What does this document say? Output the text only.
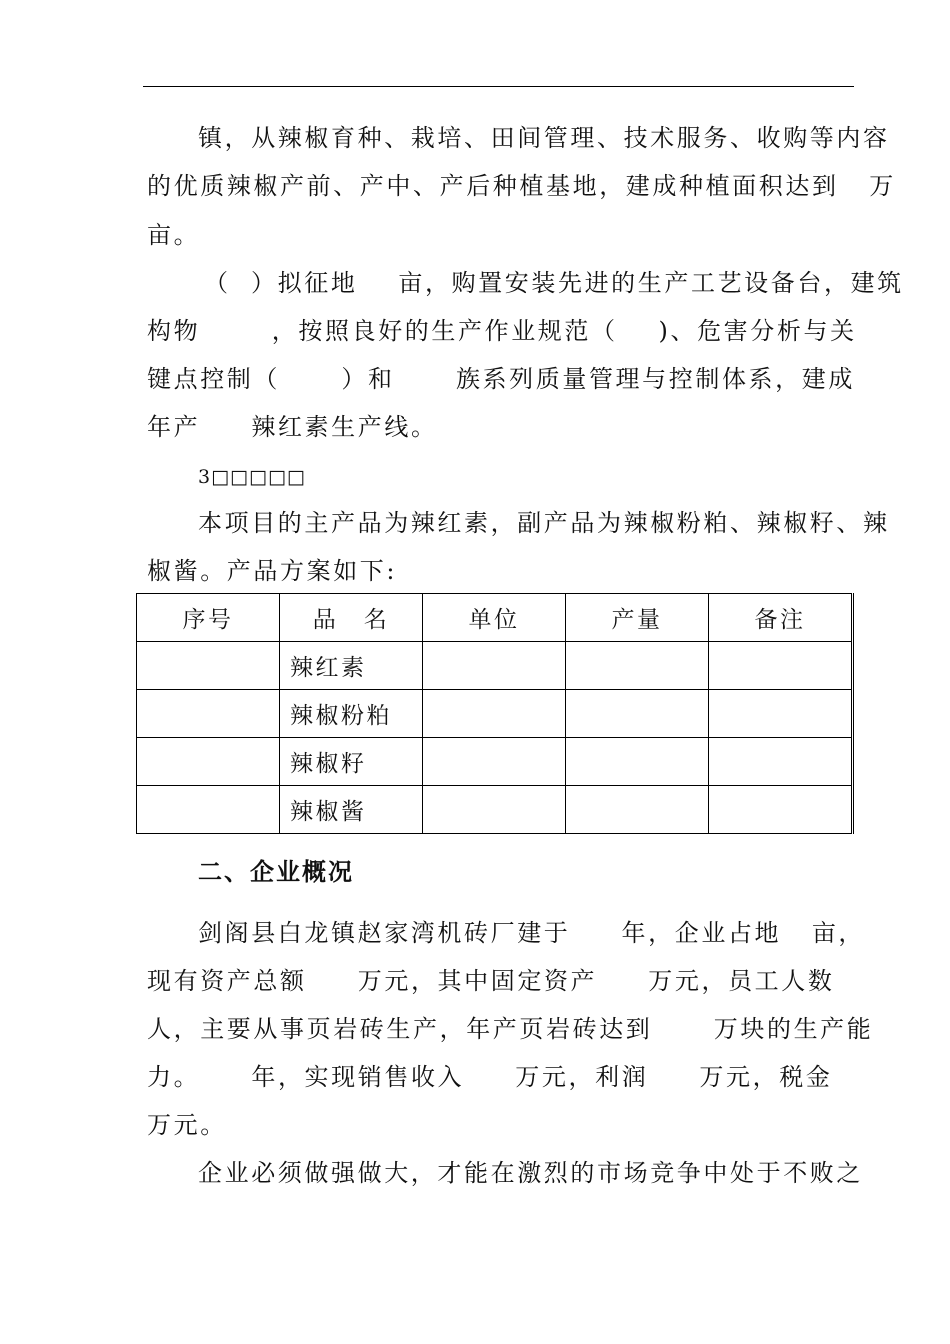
镇，从辣椒育种、栽培、田间管理、技术服务、收购等内容
的优质辣椒产前、产中、产后种植基地，建成种植面积达到   万
亩。
（  ）拟征地    亩，购置安装先进的生产工艺设备台，建筑
构物       ，按照良好的生产作业规范（    )、危害分析与关
键点控制（      ）和      族系列质量管理与控制体系，建成
年产     辣红素生产线。
3□□□□□
本项目的主产品为辣红素，副产品为辣椒粉粕、辣椒籽、辣
椒酱。产品方案如下:
序号	品　名	单位	产量	备注
	辣红素			
	辣椒粉粕			
	辣椒籽			
	辣椒酱			
二、企业概况
剑阁县白龙镇赵家湾机砖厂建于     年，企业占地   亩，
现有资产总额     万元，其中固定资产     万元，员工人数
人，主要从事页岩砖生产，年产页岩砖达到      万块的生产能
力。     年，实现销售收入     万元，利润     万元，税金
万元。
企业必须做强做大，才能在激烈的市场竞争中处于不败之
